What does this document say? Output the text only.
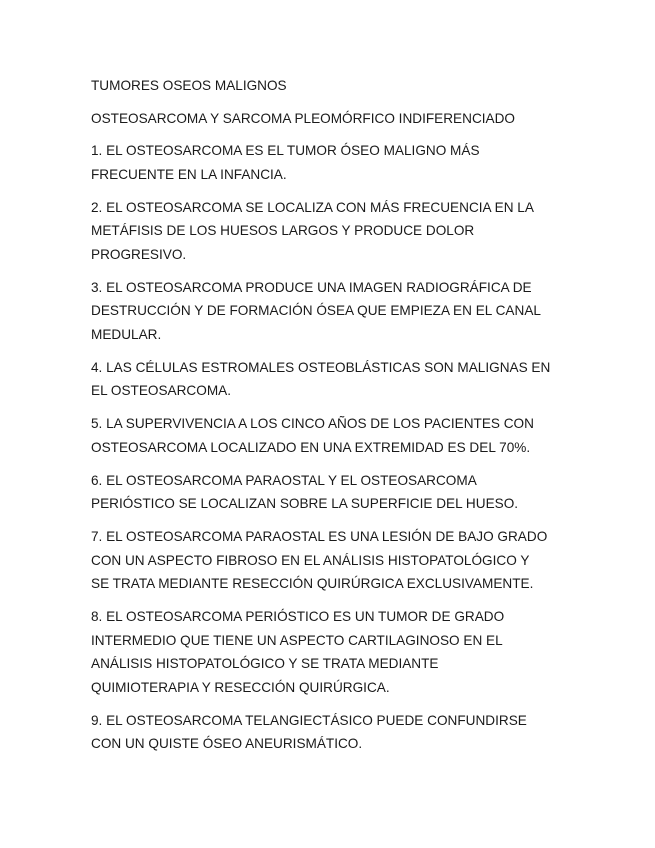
TUMORES OSEOS MALIGNOS
OSTEOSARCOMA Y SARCOMA PLEOMÓRFICO INDIFERENCIADO
1. EL OSTEOSARCOMA ES EL TUMOR ÓSEO MALIGNO MÁS
FRECUENTE EN LA INFANCIA.
2. EL OSTEOSARCOMA SE LOCALIZA CON MÁS FRECUENCIA EN LA
METÁFISIS DE LOS HUESOS LARGOS Y PRODUCE DOLOR
PROGRESIVO.
3. EL OSTEOSARCOMA PRODUCE UNA IMAGEN RADIOGRÁFICA DE
DESTRUCCIÓN Y DE FORMACIÓN ÓSEA QUE EMPIEZA EN EL CANAL
MEDULAR.
4. LAS CÉLULAS ESTROMALES OSTEOBLÁSTICAS SON MALIGNAS EN
EL OSTEOSARCOMA.
5. LA SUPERVIVENCIA A LOS CINCO AÑOS DE LOS PACIENTES CON
OSTEOSARCOMA LOCALIZADO EN UNA EXTREMIDAD ES DEL 70%.
6. EL OSTEOSARCOMA PARAOSTAL Y EL OSTEOSARCOMA
PERIÓSTICO SE LOCALIZAN SOBRE LA SUPERFICIE DEL HUESO.
7. EL OSTEOSARCOMA PARAOSTAL ES UNA LESIÓN DE BAJO GRADO
CON UN ASPECTO FIBROSO EN EL ANÁLISIS HISTOPATOLÓGICO Y
SE TRATA MEDIANTE RESECCIÓN QUIRÚRGICA EXCLUSIVAMENTE.
8. EL OSTEOSARCOMA PERIÓSTICO ES UN TUMOR DE GRADO
INTERMEDIO QUE TIENE UN ASPECTO CARTILAGINOSO EN EL
ANÁLISIS HISTOPATOLÓGICO Y SE TRATA MEDIANTE
QUIMIOTERAPIA Y RESECCIÓN QUIRÚRGICA.
9. EL OSTEOSARCOMA TELANGIECTÁSICO PUEDE CONFUNDIRSE
CON UN QUISTE ÓSEO ANEURISMÁTICO.
